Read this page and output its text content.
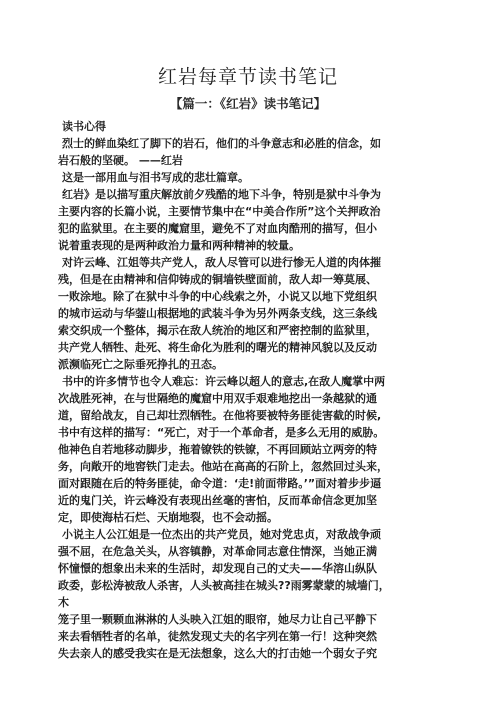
红岩每章节读书笔记
【篇一：《红岩》读书笔记】
读书心得
烈士的鲜血染红了脚下的岩石，他们的斗争意志和必胜的信念，如
岩石般的坚硬。 ——红岩
这是一部用血与泪书写成的悲壮篇章。
红岩》是以描写重庆解放前夕残酷的地下斗争，特别是狱中斗争为
主要内容的长篇小说，主要情节集中在“中美合作所”这个关押政治
犯的监狱里。在主要的魔窟里，避免不了对血肉酷刑的描写，但小
说着重表现的是两种政治力量和两种精神的较量。
对许云峰、江姐等共产党人，敌人尽管可以进行惨无人道的肉体摧
残，但是在由精神和信仰铸成的铜墙铁壁面前，敌人却一筹莫展、
一败涂地。除了在狱中斗争的中心线索之外，小说又以地下党组织
的城市运动与华蓥山根据地的武装斗争为另外两条支线，这三条线
索交织成一个整体，揭示在敌人统治的地区和严密控制的监狱里，
共产党人牺牲、赴死、将生命化为胜利的曙光的精神风貌以及反动
派濒临死亡之际垂死挣扎的丑态。
书中的许多情节也令人难忘：许云峰以超人的意志,在敌人魔掌中两
次战胜死神，在与世隔绝的魔窟中用双手艰难地挖出一条越狱的通
道，留给战友，自己却壮烈牺牲。在他将要被特务匪徒害截的时候,
书中有这样的描写：“死亡，对于一个革命者，是多么无用的威胁。
他神色自若地移动脚步，拖着镣铁的铁镣，不再回顾站立两旁的特
务，向敞开的地窖铁门走去。他站在高高的石阶上，忽然回过头来，
面对跟随在后的特务匪徒，命令道：‘走!前面带路。’”面对着步步逼
近的鬼门关，许云峰没有表现出丝毫的害怕，反而革命信念更加坚
定，即使海枯石烂、天崩地裂，也不会动摇。
小说主人公江姐是一位杰出的共产党员，她对党忠贞，对敌战争顽
强不屈，在危急关头，从容镇静，对革命同志意住情深，当她正满
怀憧憬的想象出未来的生活时，却发现自己的丈夫——华溶山纵队
政委，彭松涛被敌人杀害，人头被高挂在城头??雨雾蒙蒙的城墙门，
木
笼子里一颗颗血淋淋的人头映入江姐的眼帘，她尽力让自己平静下
来去看牺牲者的名单，徒然发现丈夫的名字列在第一行！这种突然
失去亲人的感受我实在是无法想象，这么大的打击她一个弱女子究
